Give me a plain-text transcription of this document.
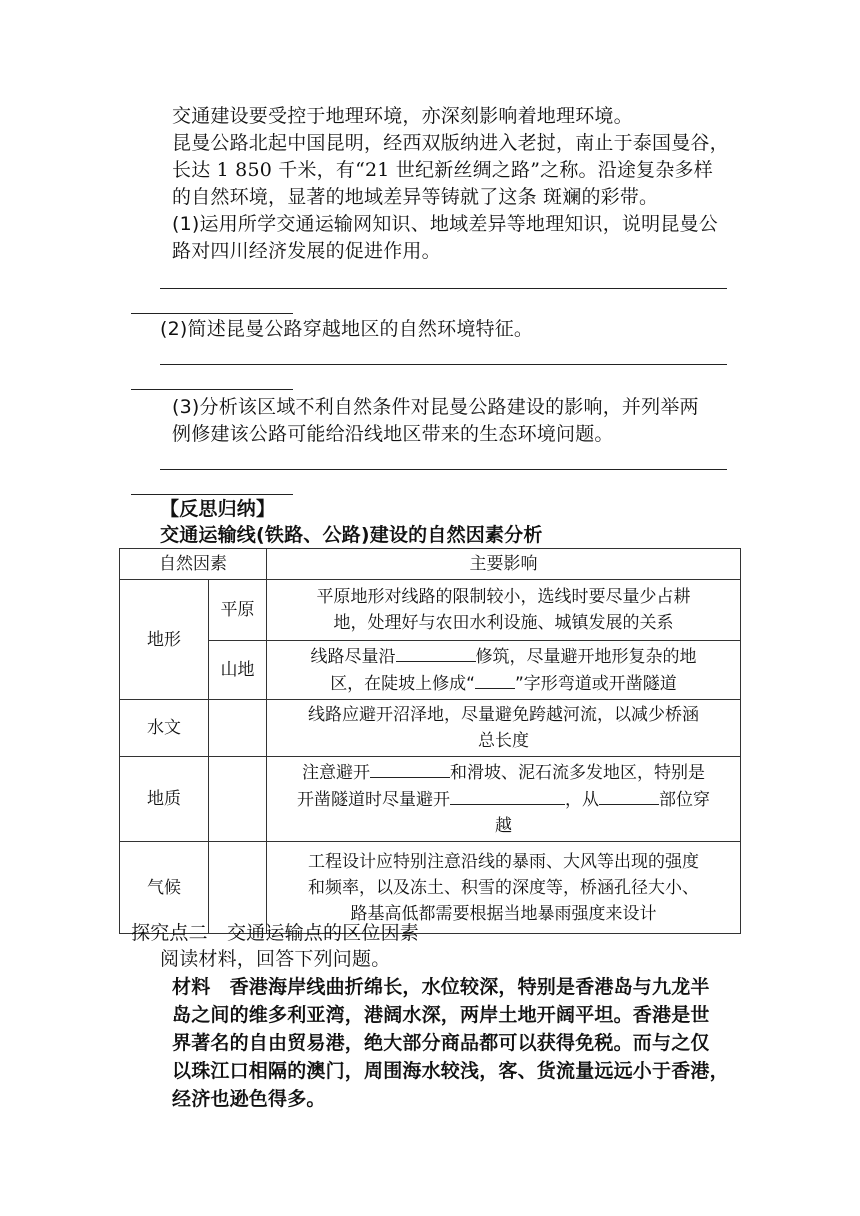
交通建设要受控于地理环境，亦深刻影响着地理环境。
昆曼公路北起中国昆明，经西双版纳进入老挝，南止于泰国曼谷，
长达 1 850 千米，有“21 世纪新丝绸之路”之称。沿途复杂多样
的自然环境，显著的地域差异等铸就了这条 斑斓的彩带。
(1)运用所学交通运输网知识、地域差异等地理知识，说明昆曼公
路对四川经济发展的促进作用。
(2)简述昆曼公路穿越地区的自然环境特征。
(3)分析该区域不利自然条件对昆曼公路建设的影响，并列举两
例修建该公路可能给沿线地区带来的生态环境问题。
【反思归纳】
交通运输线(铁路、公路)建设的自然因素分析
自然因素		主要影响
地形	平原	平原地形对线路的限制较小，选线时要尽量少占耕
地，处理好与农田水利设施、城镇发展的关系

	山地	线路尽量沿 修筑，尽量避开地形复杂的地
区，在陡坡上修成“ ”字形弯道或开凿隧道

水文		线路应避开沼泽地，尽量避免跨越河流，以减少桥涵
总长度

地质		注意避开 和滑坡、泥石流多发地区，特别是
开凿隧道时尽量避开 ，从 部位穿
越

气候		工程设计应特别注意沿线的暴雨、大风等出现的强度
和频率，以及冻土、积雪的深度等，桥涵孔径大小、
路基高低都需要根据当地暴雨强度来设计
探究点二　交通运输点的区位因素
阅读材料，回答下列问题。
材料　香港海岸线曲折绵长，水位较深，特别是香港岛与九龙半
岛之间的维多利亚湾，港阔水深，两岸土地开阔平坦。香港是世
界著名的自由贸易港，绝大部分商品都可以获得免税。而与之仅
以珠江口相隔的澳门，周围海水较浅，客、货流量远远小于香港，
经济也逊色得多。
